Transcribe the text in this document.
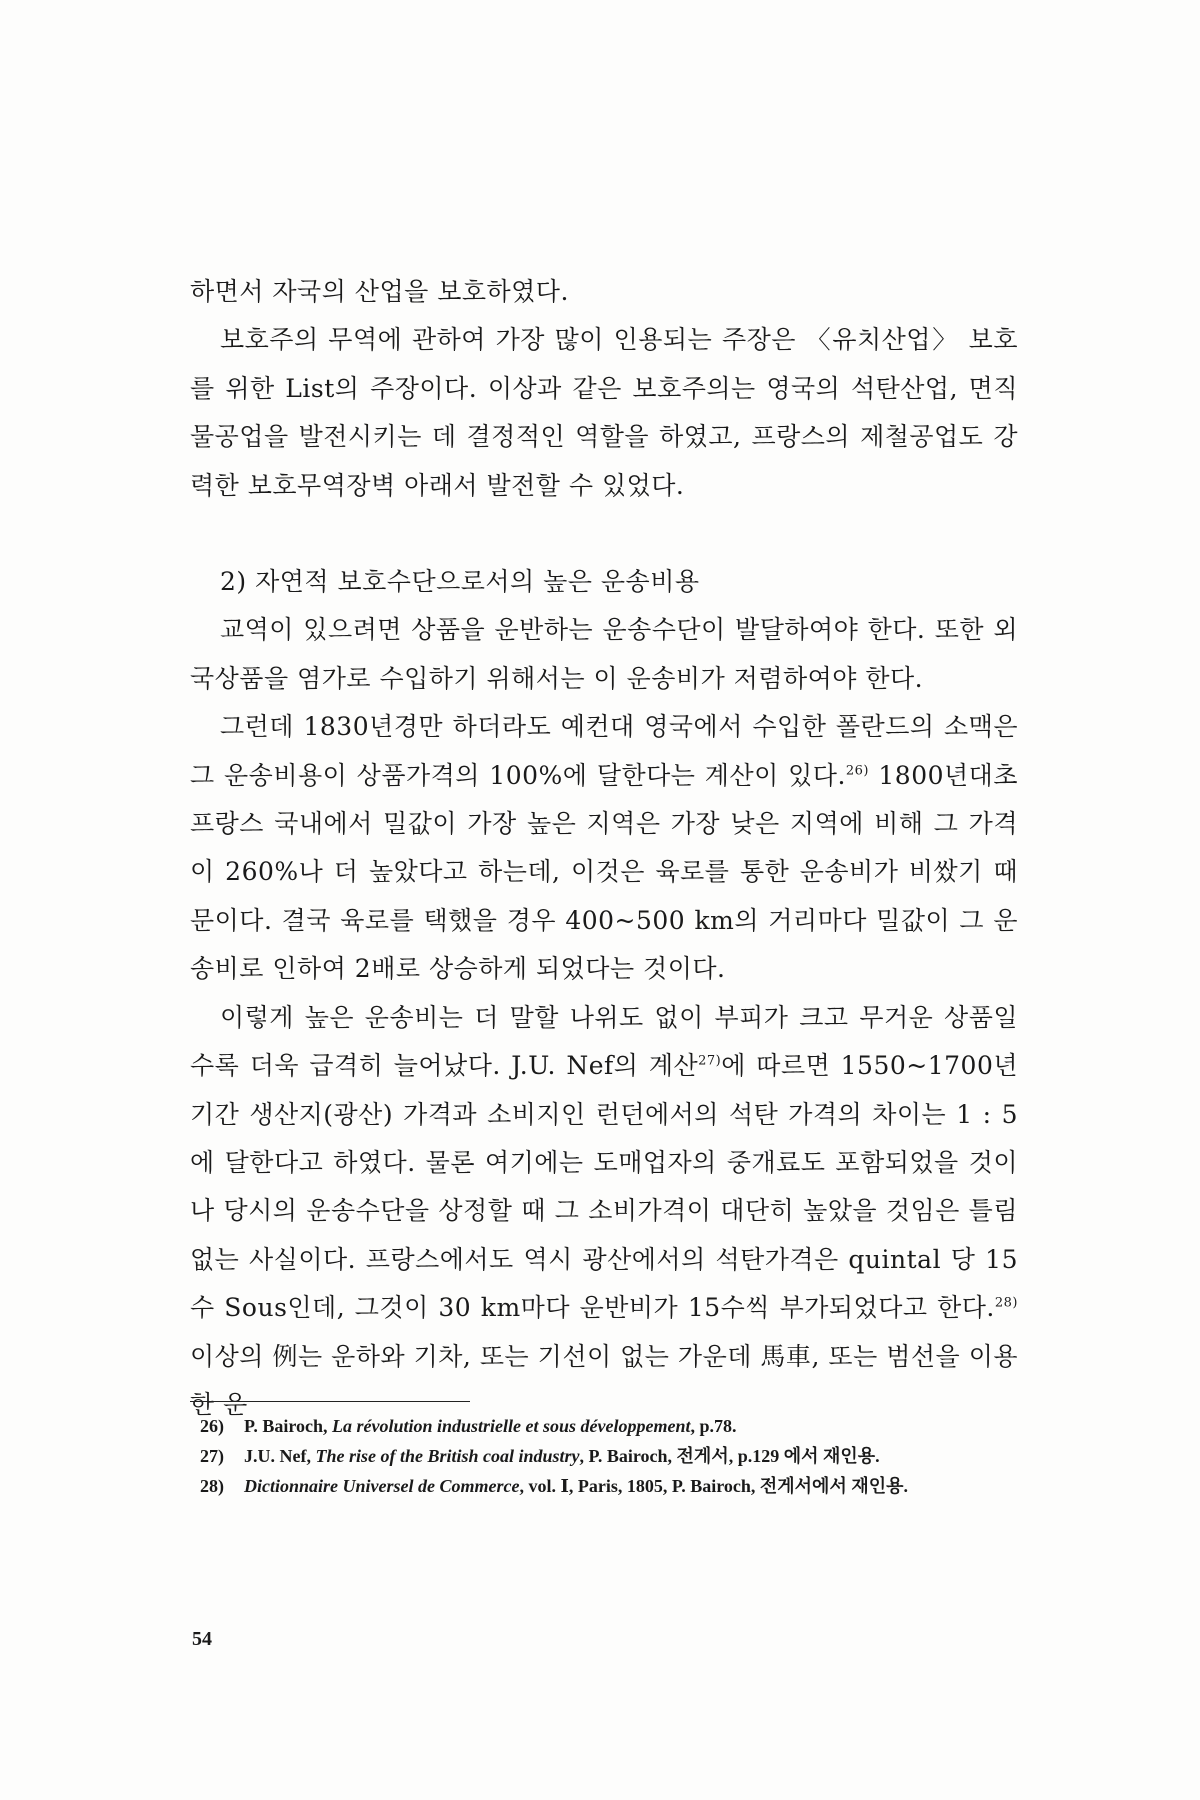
하면서 자국의 산업을 보호하였다.

보호주의 무역에 관하여 가장 많이 인용되는 주장은 〈유치산업〉 보호를 위한 List의 주장이다. 이상과 같은 보호주의는 영국의 석탄산업, 면직물공업을 발전시키는 데 결정적인 역할을 하였고, 프랑스의 제철공업도 강력한 보호무역장벽 아래서 발전할 수 있었다.

2) 자연적 보호수단으로서의 높은 운송비용

교역이 있으려면 상품을 운반하는 운송수단이 발달하여야 한다. 또한 외국상품을 염가로 수입하기 위해서는 이 운송비가 저렴하여야 한다.

그런데 1830년경만 하더라도 예컨대 영국에서 수입한 폴란드의 소맥은 그 운송비용이 상품가격의 100%에 달한다는 계산이 있다.$^{26)}$ 1800년대초 프랑스 국내에서 밀값이 가장 높은 지역은 가장 낮은 지역에 비해 그 가격이 260%나 더 높았다고 하는데, 이것은 육로를 통한 운송비가 비쌌기 때문이다. 결국 육로를 택했을 경우 400~500 km의 거리마다 밀값이 그 운송비로 인하여 2배로 상승하게 되었다는 것이다.

이렇게 높은 운송비는 더 말할 나위도 없이 부피가 크고 무거운 상품일수록 더욱 급격히 늘어났다. J.U. Nef의 계산$^{27)}$에 따르면 1550~1700년 기간 생산지(광산) 가격과 소비지인 런던에서의 석탄 가격의 차이는 1 : 5에 달한다고 하였다. 물론 여기에는 도매업자의 중개료도 포함되었을 것이나 당시의 운송수단을 상정할 때 그 소비가격이 대단히 높았을 것임은 틀림없는 사실이다. 프랑스에서도 역시 광산에서의 석탄가격은 quintal 당 15수 Sous인데, 그것이 30 km마다 운반비가 15수씩 부가되었다고 한다.$^{28)}$ 이상의 例는 운하와 기차, 또는 기선이 없는 가운데 馬車, 또는 범선을 이용한 운

26) P. Bairoch, La révolution industrielle et sous développement, p.78.
27) J.U. Nef, The rise of the British coal industry, P. Bairoch, 전게서, p.129 에서 재인용.
28) Dictionnaire Universel de Commerce, vol. Ⅰ, Paris, 1805, P. Bairoch, 전게서에서 재인용.
54
